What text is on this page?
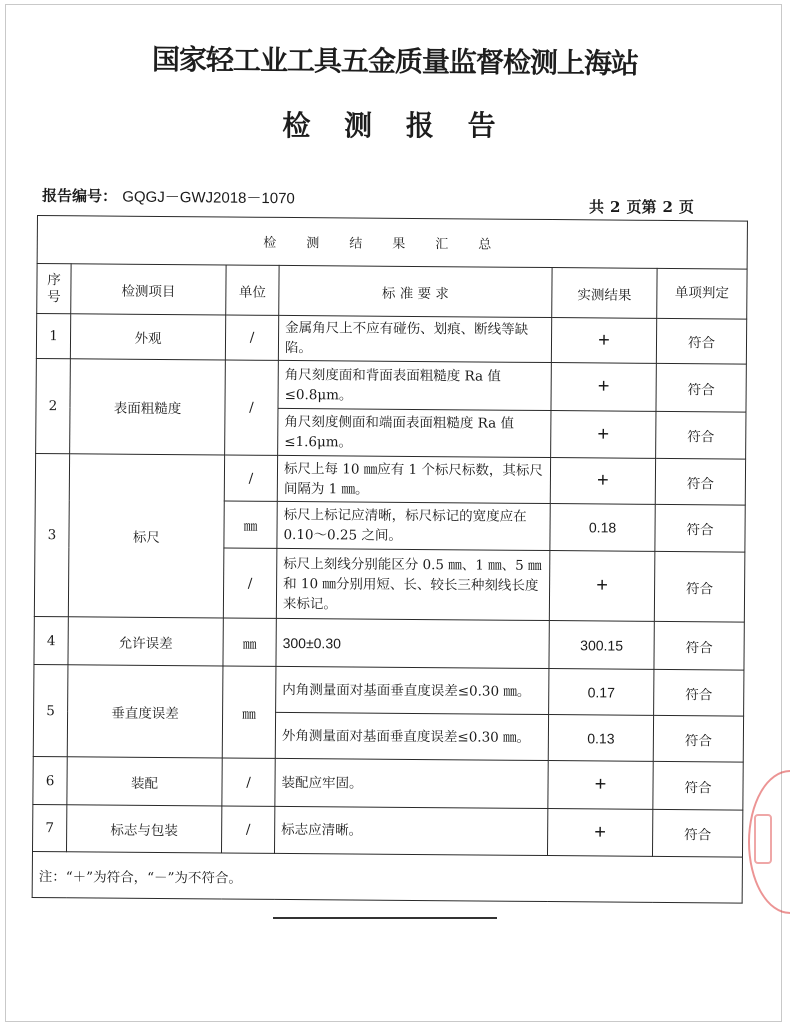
国家轻工业工具五金质量监督检测上海站
检 测 报 告
报告编号： GQGJ－GWJ2018－1070	共 2 页第 2 页
检测结果汇总					
序号	检测项目	单位	标 准 要 求	实测结果	单项判定
1	外观	/	金属角尺上不应有碰伤、划痕、断线等缺陷。	+	符合
2	表面粗糙度	/	角尺刻度面和背面表面粗糙度 Ra 值≤0.8μm。	+	符合
			角尺刻度侧面和端面表面粗糙度 Ra 值≤1.6μm。	+	符合
3	标尺	/	标尺上每 10 ㎜应有 1 个标尺标数，其标尺间隔为 1 ㎜。	+	符合
		㎜	标尺上标记应清晰，标尺标记的宽度应在0.10～0.25 之间。	0.18	符合
		/	标尺上刻线分别能区分 0.5 ㎜、1 ㎜、5 ㎜和 10 ㎜分别用短、长、较长三种刻线长度来标记。	+	符合
4	允许误差	㎜	300±0.30	300.15	符合
5	垂直度误差	㎜	内角测量面对基面垂直度误差≤0.30 ㎜。	0.17	符合
			外角测量面对基面垂直度误差≤0.30 ㎜。	0.13	符合
6	装配	/	装配应牢固。	+	符合
7	标志与包装	/	标志应清晰。	+	符合
注：“＋”为符合，“－”为不符合。					
